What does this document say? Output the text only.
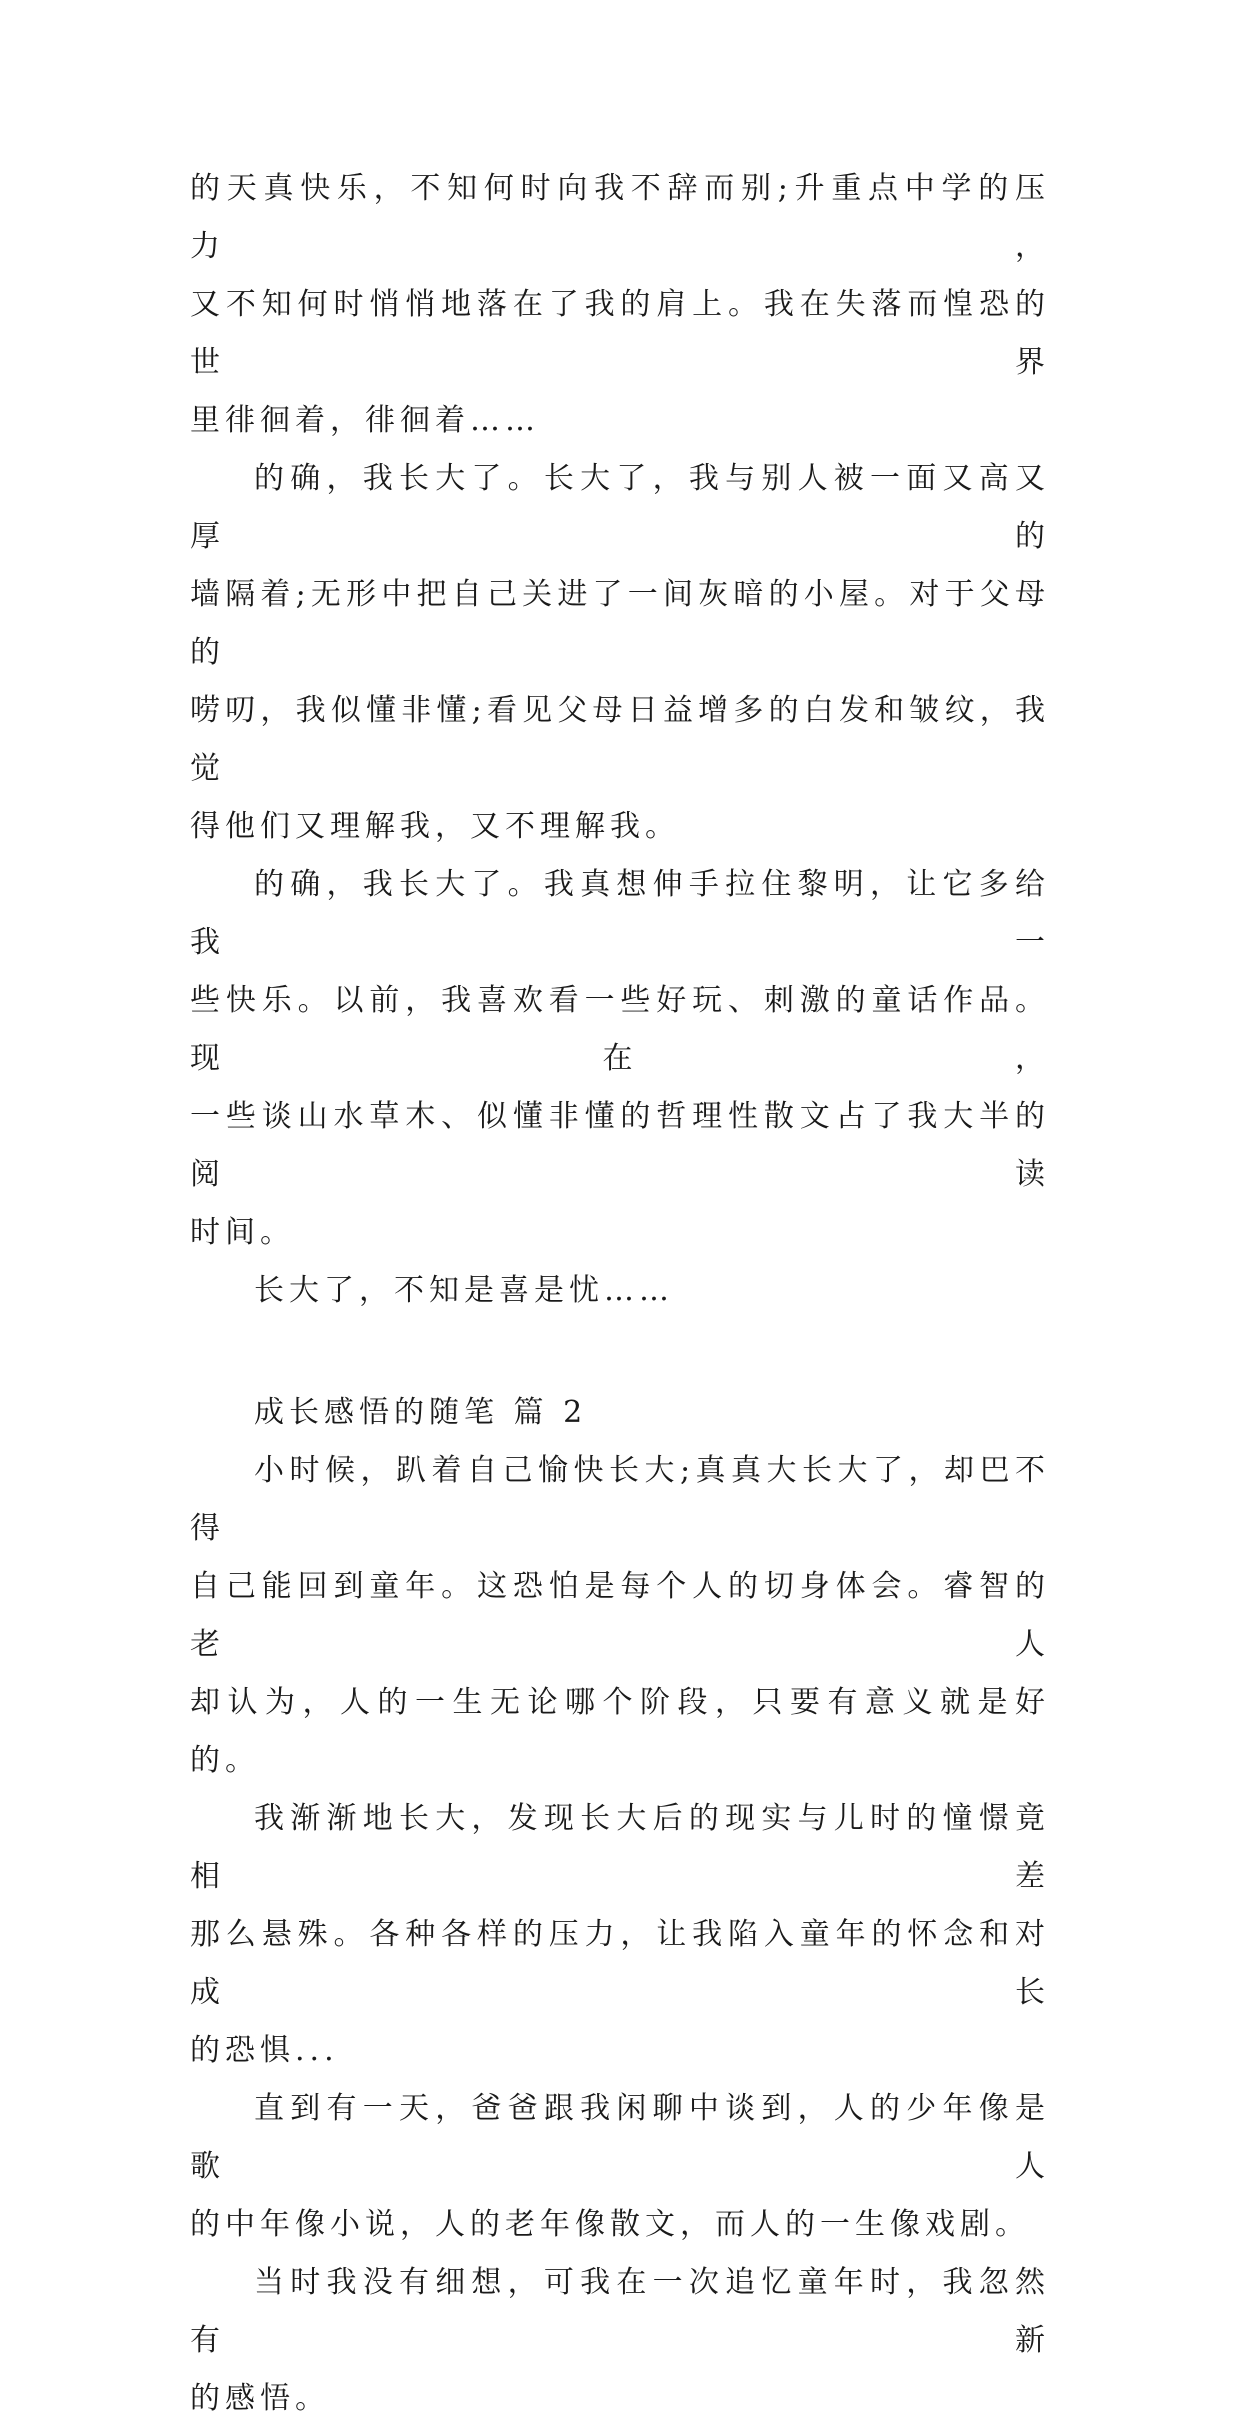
的天真快乐，不知何时向我不辞而别;升重点中学的压力，
又不知何时悄悄地落在了我的肩上。我在失落而惶恐的世界
里徘徊着，徘徊着……
的确，我长大了。长大了，我与别人被一面又高又厚的
墙隔着;无形中把自己关进了一间灰暗的小屋。对于父母的
唠叨，我似懂非懂;看见父母日益增多的白发和皱纹，我觉
得他们又理解我，又不理解我。
的确，我长大了。我真想伸手拉住黎明，让它多给我一
些快乐。以前，我喜欢看一些好玩、刺激的童话作品。现在，
一些谈山水草木、似懂非懂的哲理性散文占了我大半的阅读
时间。
长大了，不知是喜是忧……
成长感悟的随笔 篇 2
小时候，趴着自己愉快长大;真真大长大了，却巴不得
自己能回到童年。这恐怕是每个人的切身体会。睿智的老人
却认为，人的一生无论哪个阶段，只要有意义就是好的。
我渐渐地长大，发现长大后的现实与儿时的憧憬竟相差
那么悬殊。各种各样的压力，让我陷入童年的怀念和对成长
的恐惧...
直到有一天，爸爸跟我闲聊中谈到，人的少年像是歌人
的中年像小说，人的老年像散文，而人的一生像戏剧。
当时我没有细想，可我在一次追忆童年时，我忽然有新
的感悟。
